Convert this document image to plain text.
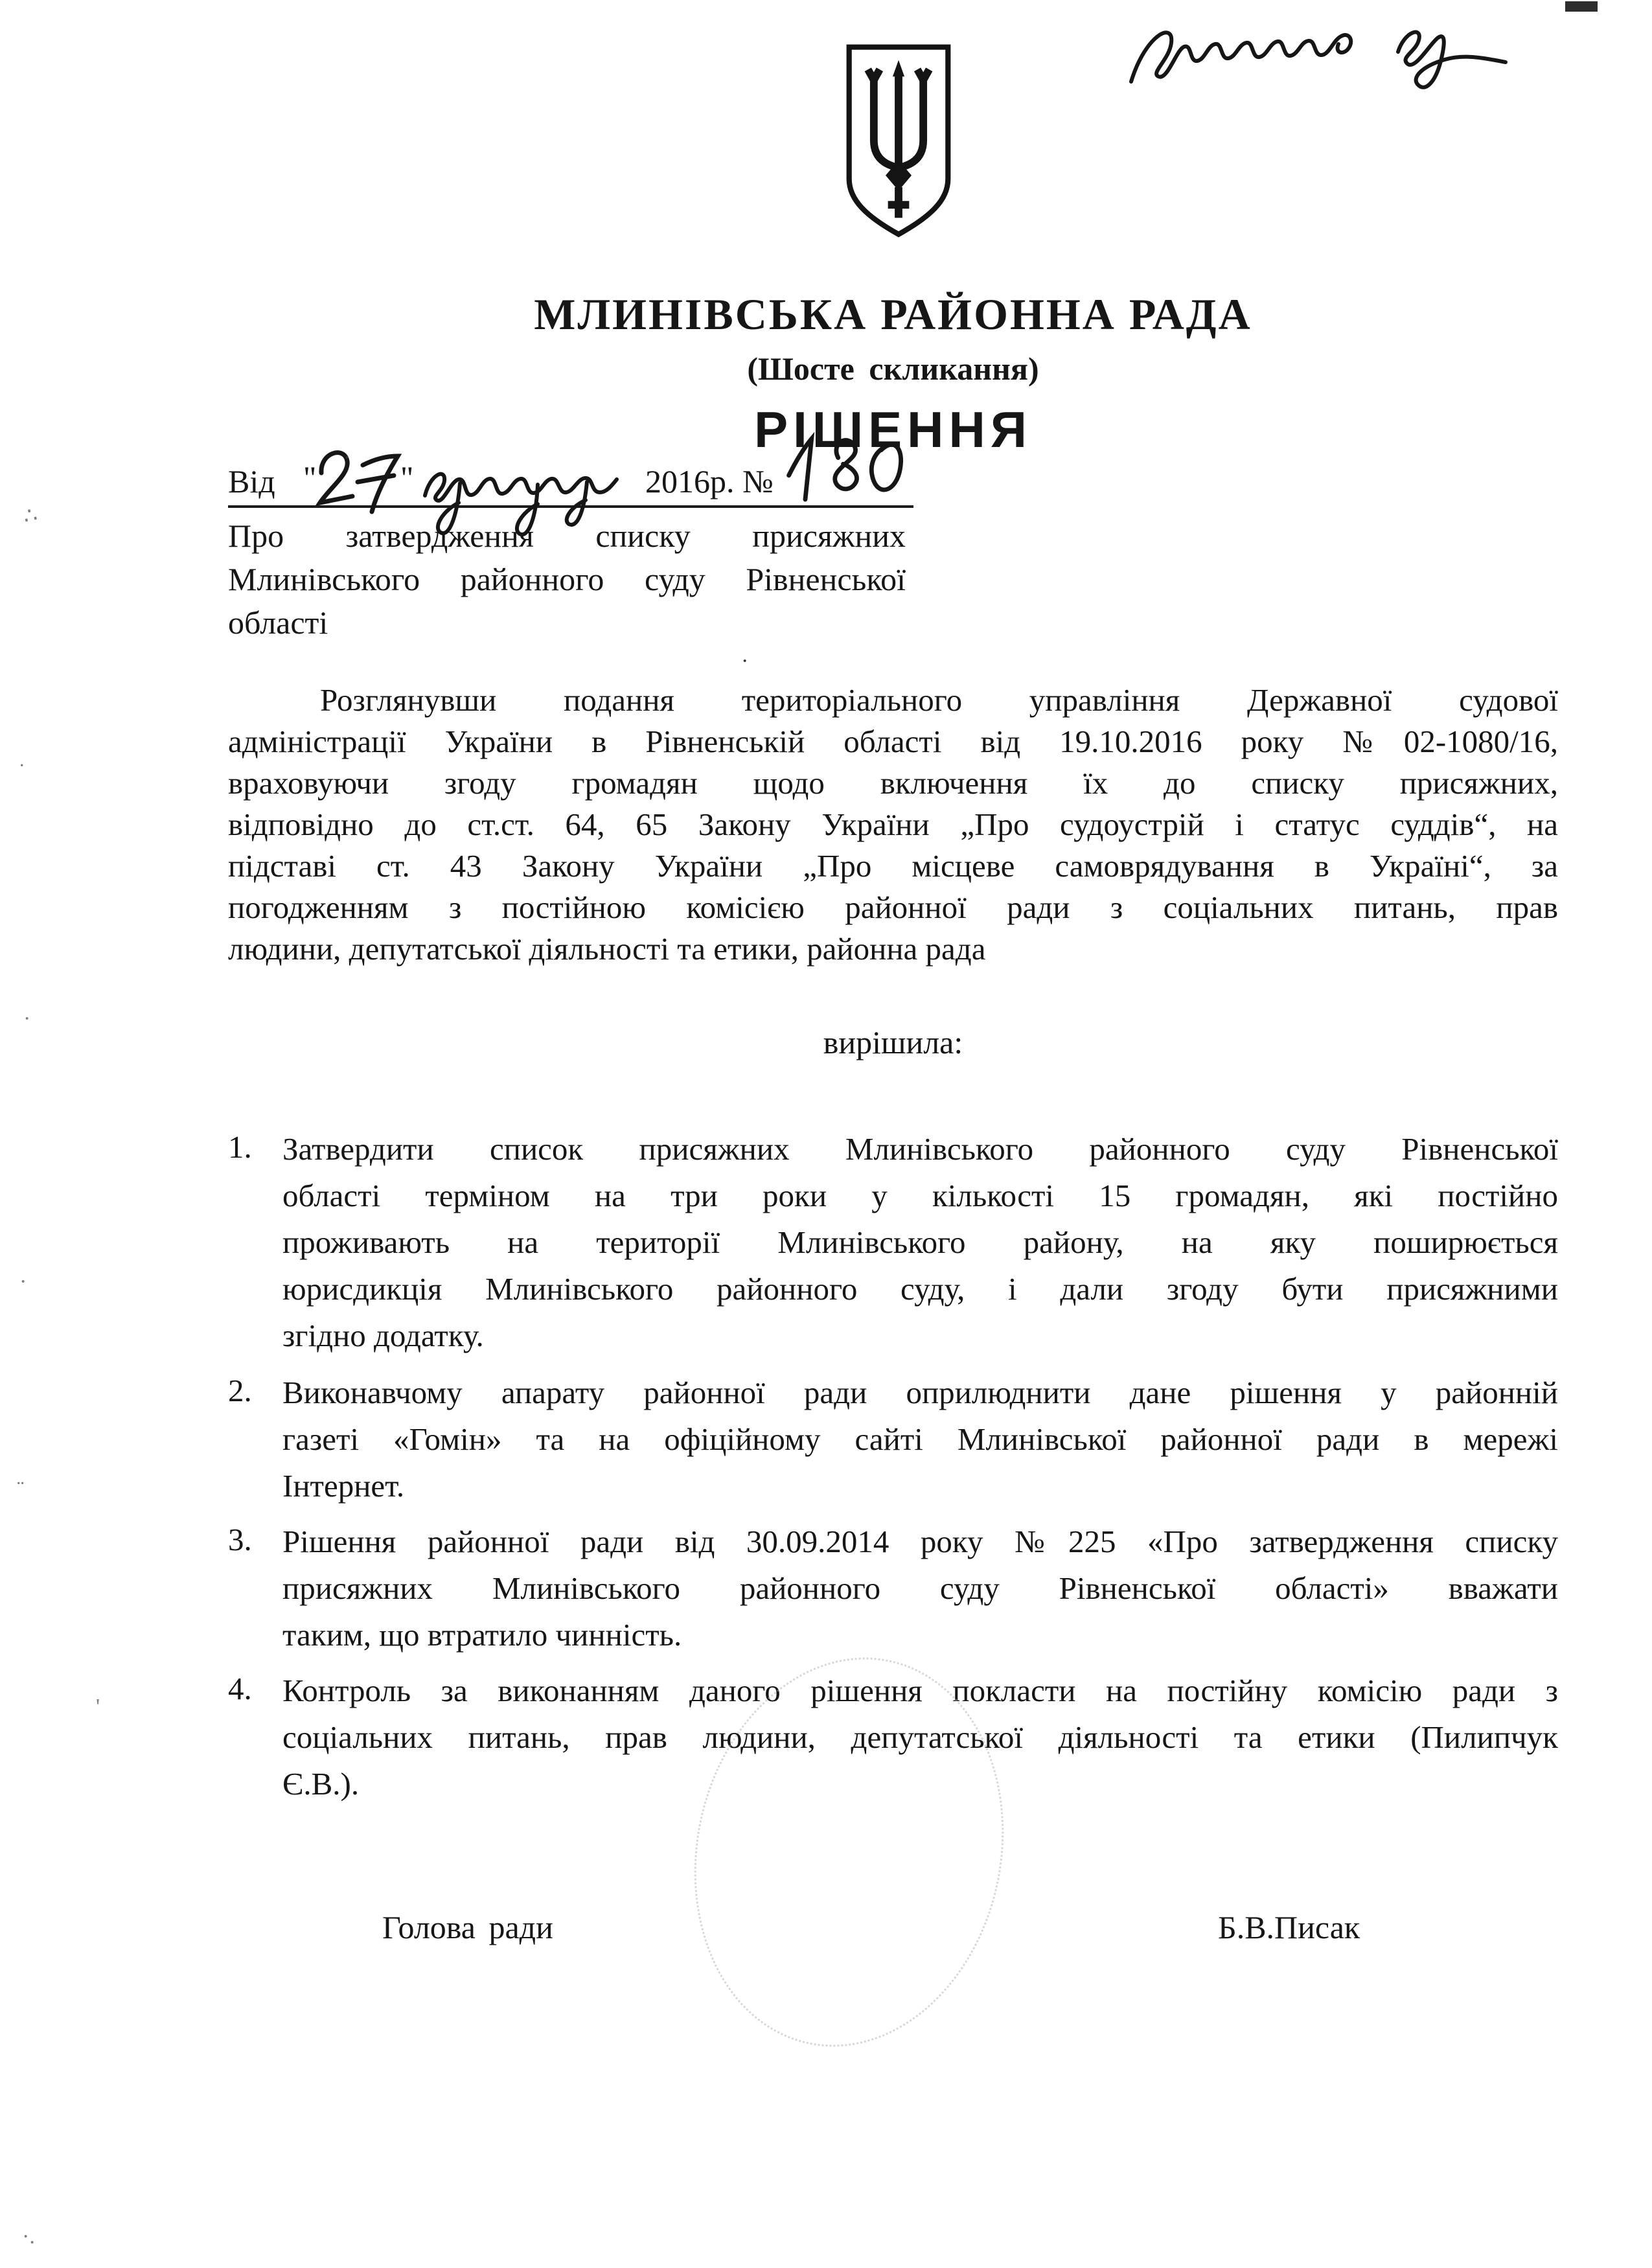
МЛИНІВСЬКА РАЙОННА РАДА
(Шосте скликання)
РІШЕННЯ
Від "	"	2016р. №
Про затвердження списку присяжних
Млинівського районного суду Рівненської
області
Розглянувши подання територіального управління Державної судової
адміністрації України в Рівненській області від 19.10.2016 року №02-1080/16,
враховуючи згоду громадян щодо включення їх до списку присяжних,
відповідно до ст.ст. 64, 65 Закону України „Про судоустрій і статус суддів“, на
підставі ст. 43 Закону України „Про місцеве самоврядування в Україні“, за
погодженням з постійною комісією районної ради з соціальних питань, прав
людини, депутатської діяльності та етики, районна рада
вирішила:
1. Затвердити список присяжних Млинівського районного суду Рівненської
області терміном на три роки у кількості 15 громадян, які постійно
проживають на території Млинівського району, на яку поширюється
юрисдикція Млинівського районного суду, і дали згоду бути присяжними
згідно додатку.
2. Виконавчому апарату районної ради оприлюднити дане рішення у районній
газеті «Гомін» та на офіційному сайті Млинівської районної ради в мережі
Інтернет.
3. Рішення районної ради від 30.09.2014 року №225 «Про затвердження списку
присяжних Млинівського районного суду Рівненської області» вважати
таким, що втратило чинність.
4. Контроль за виконанням даного рішення покласти на постійну комісію ради з
соціальних питань, прав людини, депутатської діяльності та етики (Пилипчук
Є.В.).
Голова ради	Б.В.Писак
∴
˙
·
·
¨
'
·.
·
·
